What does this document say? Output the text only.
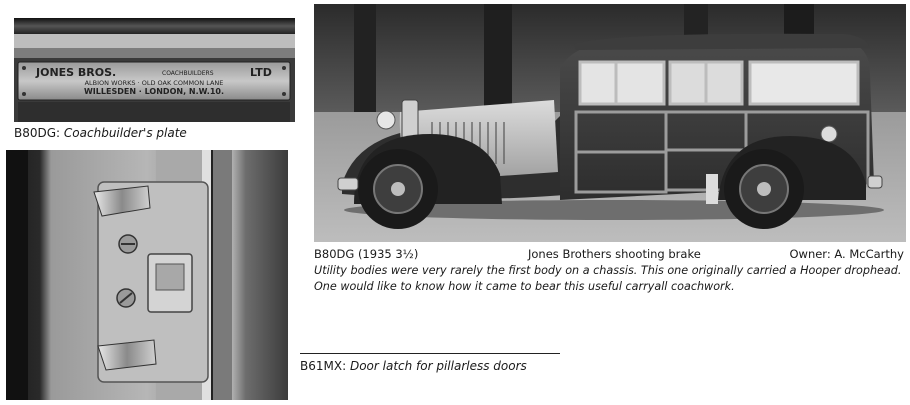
JONES BROS.	COACHBUILDERS	LTD
ALBION WORKS · OLD OAK COMMON LANE
WILLESDEN · LONDON, N.W.10.
B80DG: Coachbuilder's plate
B80DG (1935 3½)	Jones Brothers shooting brake	Owner: A. McCarthy
Utility bodies were very rarely the first body on a chassis. This one originally carried a Hooper drophead.
One would like to know how it came to bear this useful carryall coachwork.
B61MX: Door latch for pillarless doors
